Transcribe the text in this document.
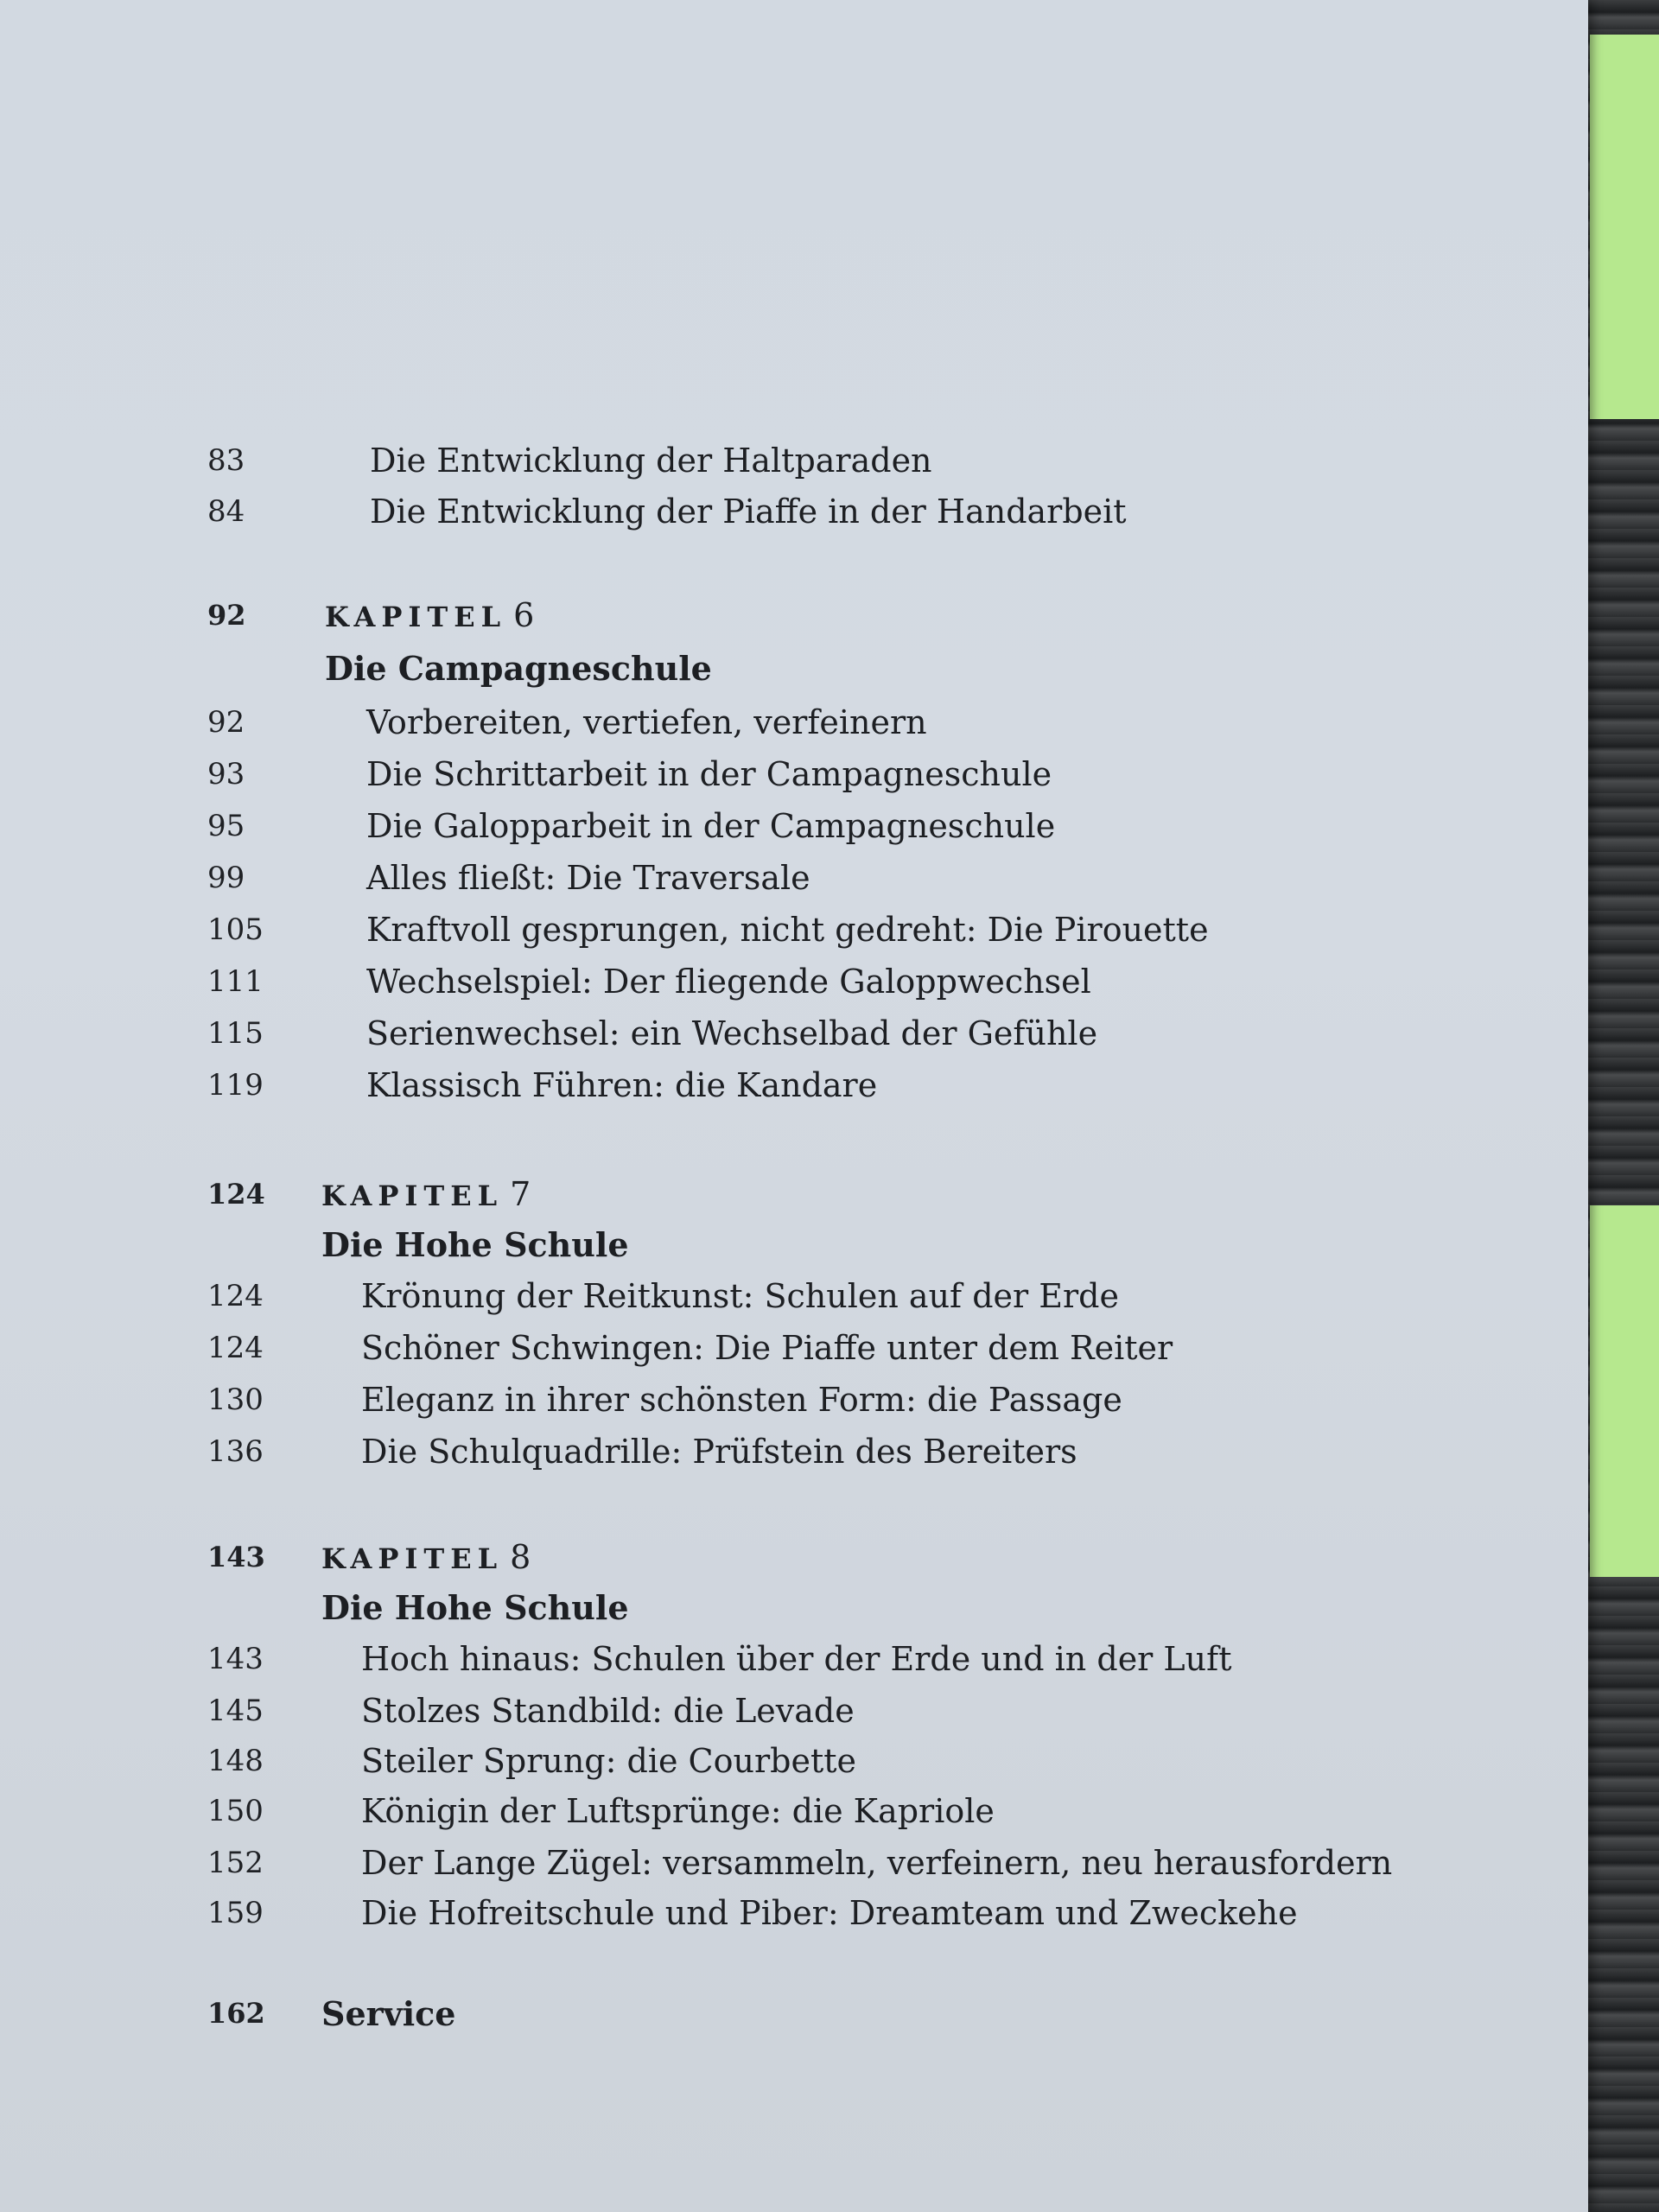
83	Die Entwicklung der Haltparaden
84	Die Entwicklung der Piaffe in der Handarbeit
92	KAPITEL 6
Die Campagneschule
92	Vorbereiten, vertiefen, verfeinern
93	Die Schrittarbeit in der Campagneschule
95	Die Galopparbeit in der Campagneschule
99	Alles fließt: Die Traversale
105	Kraftvoll gesprungen, nicht gedreht: Die Pirouette
111	Wechselspiel: Der fliegende Galoppwechsel
115	Serienwechsel: ein Wechselbad der Gefühle
119	Klassisch Führen: die Kandare
124	KAPITEL 7
Die Hohe Schule
124	Krönung der Reitkunst: Schulen auf der Erde
124	Schöner Schwingen: Die Piaffe unter dem Reiter
130	Eleganz in ihrer schönsten Form: die Passage
136	Die Schulquadrille: Prüfstein des Bereiters
143	KAPITEL 8
Die Hohe Schule
143	Hoch hinaus: Schulen über der Erde und in der Luft
145	Stolzes Standbild: die Levade
148	Steiler Sprung: die Courbette
150	Königin der Luftsprünge: die Kapriole
152	Der Lange Zügel: versammeln, verfeinern, neu herausfordern
159	Die Hofreitschule und Piber: Dreamteam und Zweckehe
162	Service
